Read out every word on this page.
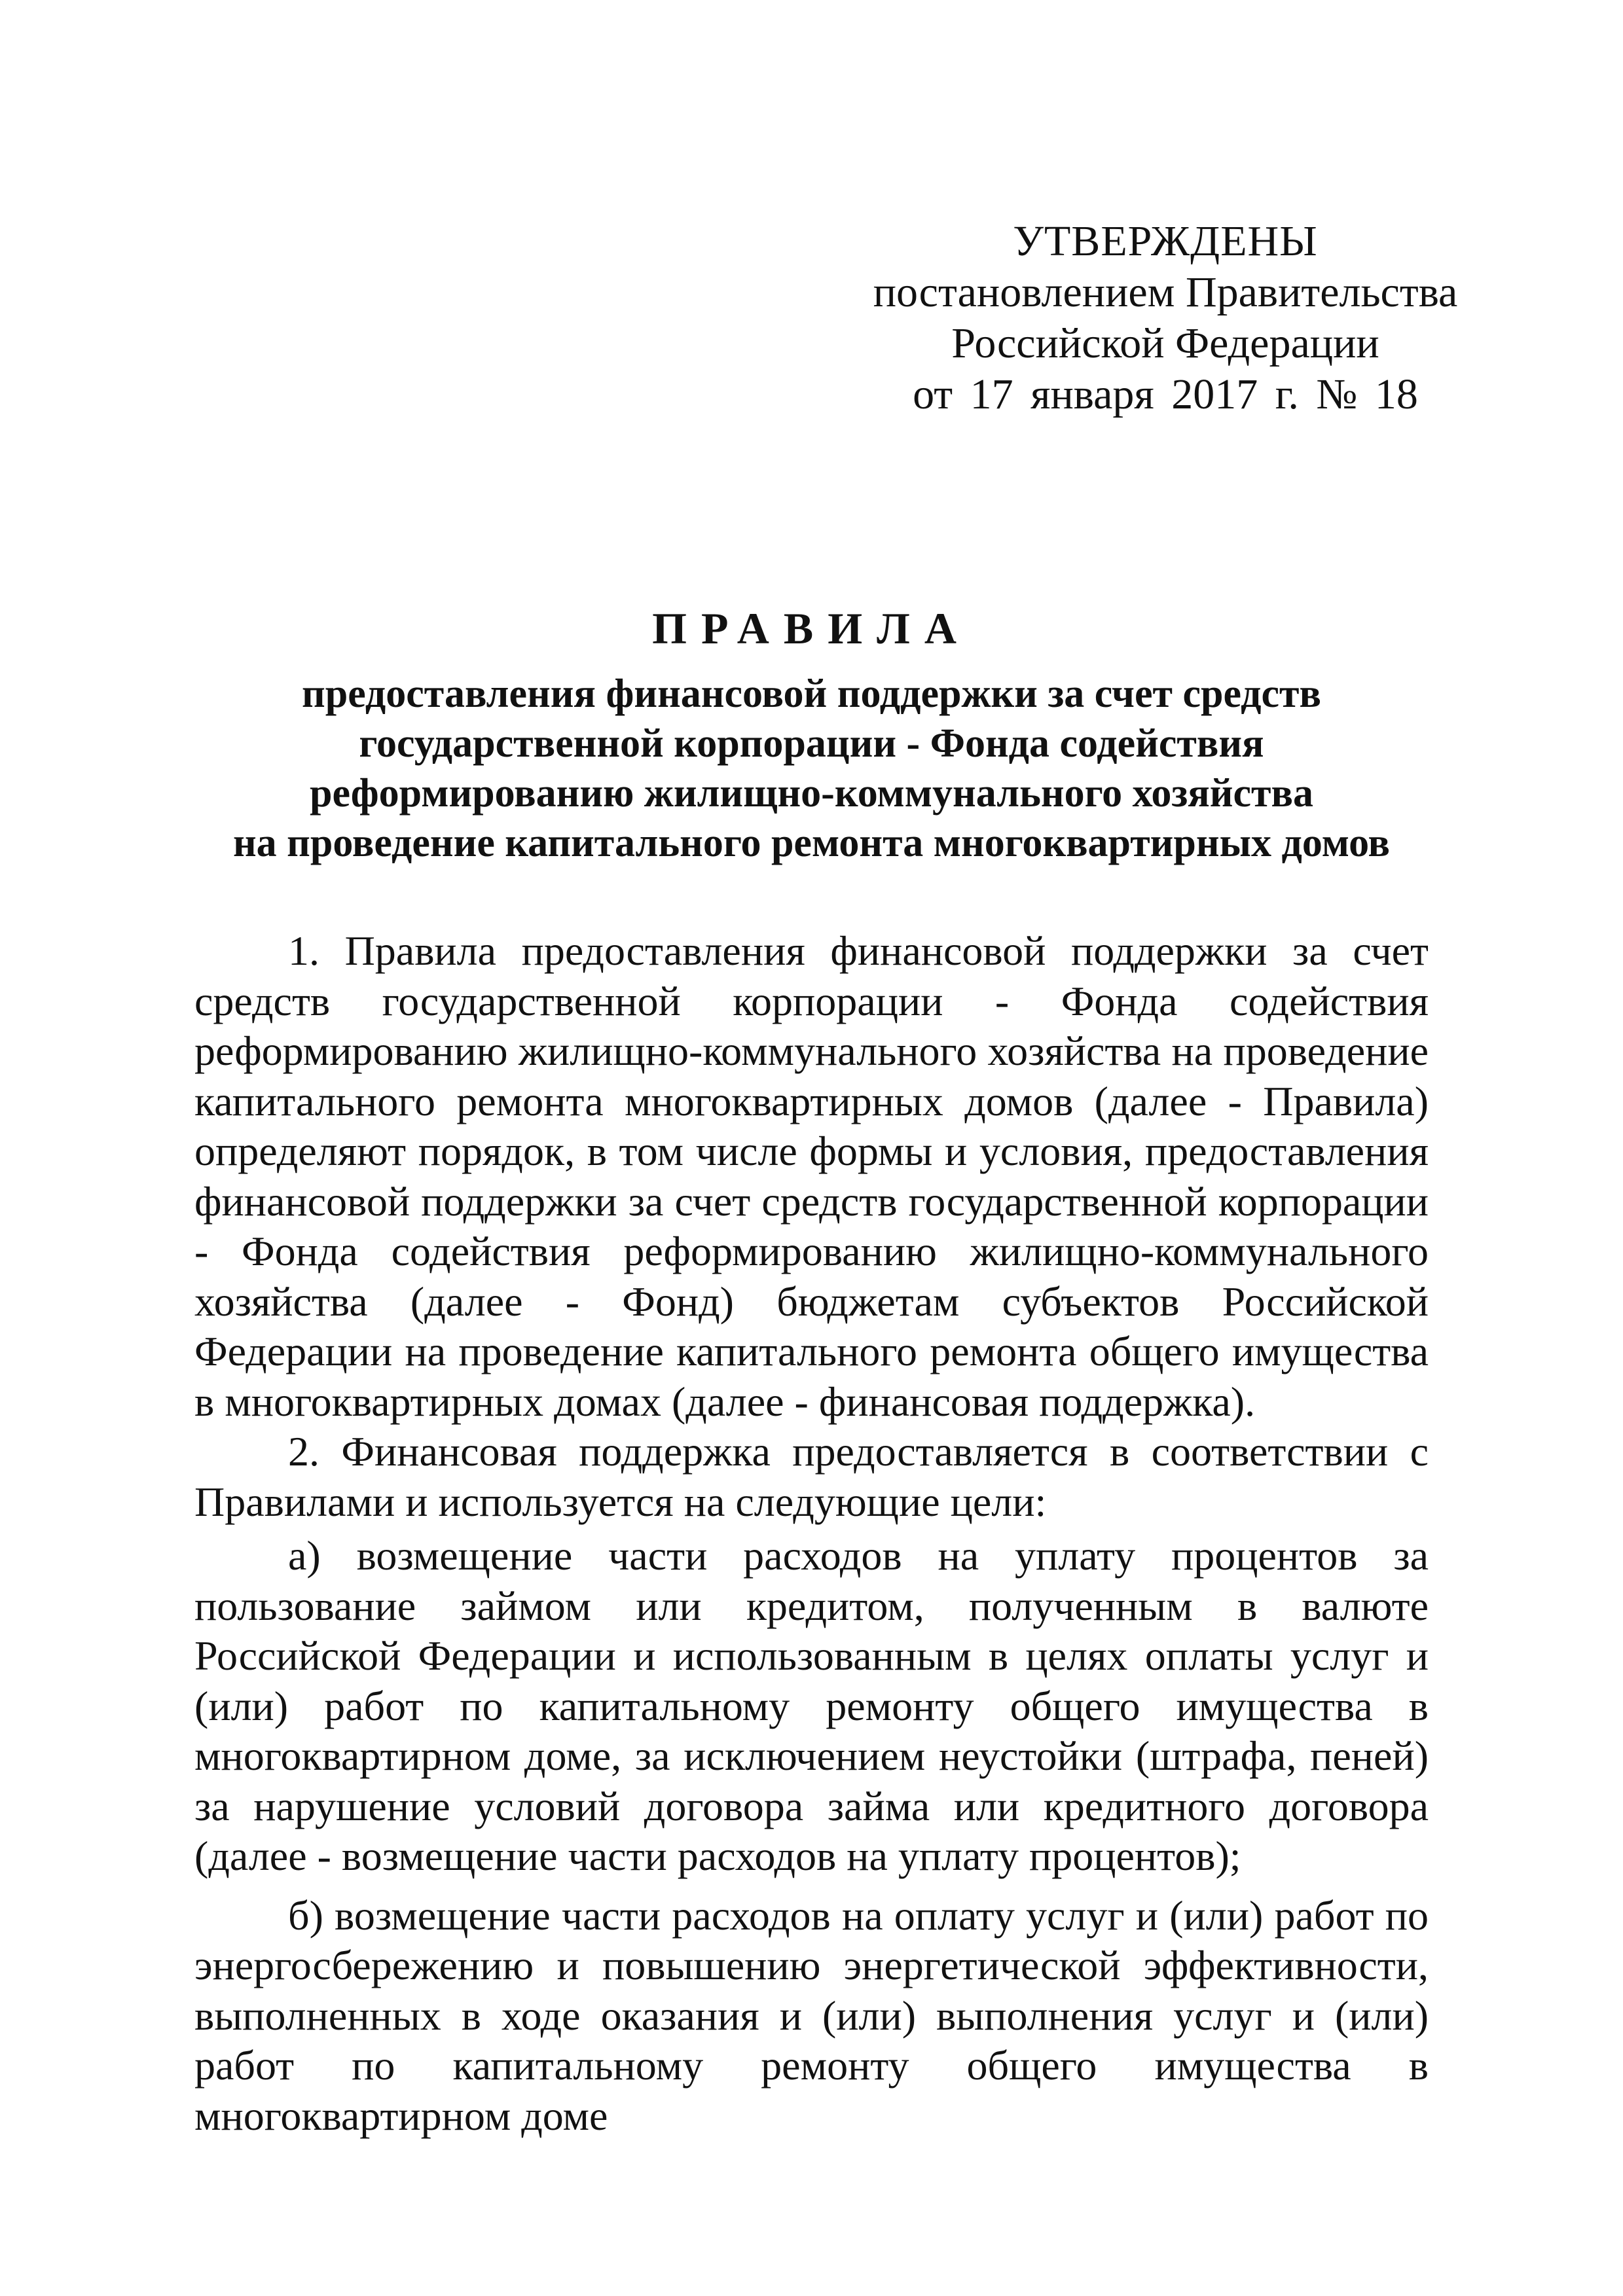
УТВЕРЖДЕНЫ
постановлением Правительства
Российской Федерации
от 17 января 2017 г. № 18
ПРАВИЛА
предоставления финансовой поддержки за счет средств
государственной корпорации - Фонда содействия
реформированию жилищно-коммунального хозяйства
на проведение капитального ремонта многоквартирных домов

1. Правила предоставления финансовой поддержки за счет средств государственной корпорации - Фонда содействия реформированию жилищно-коммунального хозяйства на проведение капитального ремонта многоквартирных домов (далее - Правила) определяют порядок, в том числе формы и условия, предоставления финансовой поддержки за счет средств государственной корпорации - Фонда содействия реформированию жилищно-коммунального хозяйства (далее - Фонд) бюджетам субъектов Российской Федерации на проведение капитального ремонта общего имущества в многоквартирных домах (далее - финансовая поддержка).

2. Финансовая поддержка предоставляется в соответствии с Правилами и используется на следующие цели:

а) возмещение части расходов на уплату процентов за пользование займом или кредитом, полученным в валюте Российской Федерации и использованным в целях оплаты услуг и (или) работ по капитальному ремонту общего имущества в многоквартирном доме, за исключением неустойки (штрафа, пеней) за нарушение условий договора займа или кредитного договора (далее - возмещение части расходов на уплату процентов);

б) возмещение части расходов на оплату услуг и (или) работ по энергосбережению и повышению энергетической эффективности, выполненных в ходе оказания и (или) выполнения услуг и (или) работ по капитальному ремонту общего имущества в многоквартирном доме
